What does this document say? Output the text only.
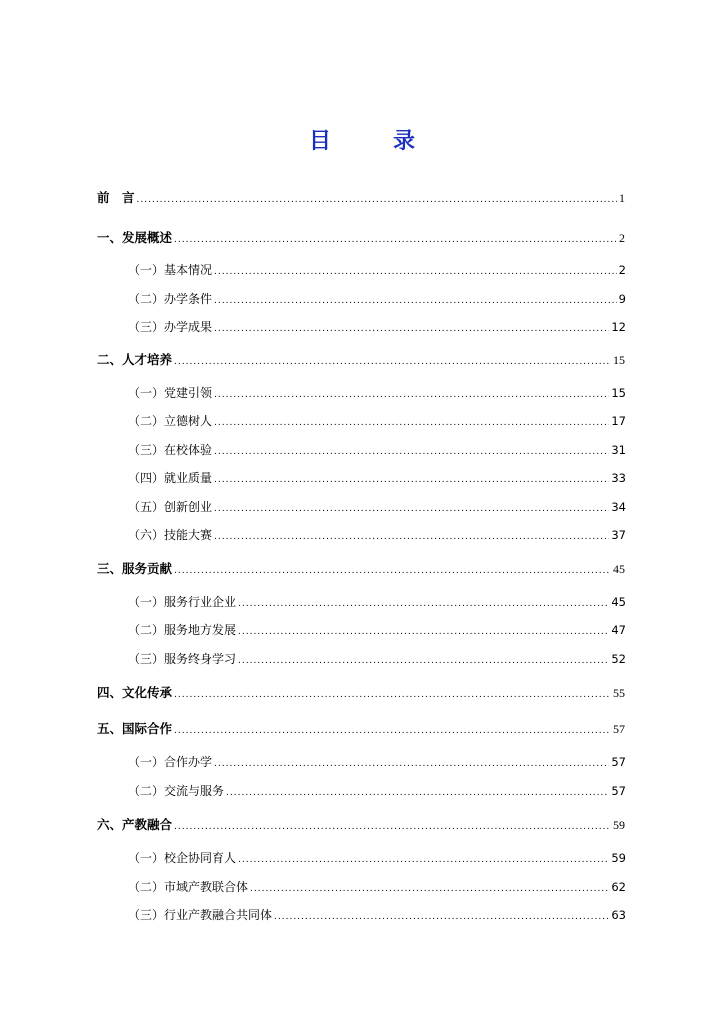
目　录
前　言 .....	1
一、发展概述 .....	2
（一）基本情况 .....	2
（二）办学条件 .....	9
（三）办学成果 .....	12
二、人才培养 .....	15
（一）党建引领 .....	15
（二）立德树人 .....	17
（三）在校体验 .....	31
（四）就业质量 .....	33
（五）创新创业 .....	34
（六）技能大赛 .....	37
三、服务贡献 .....	45
（一）服务行业企业 .....	45
（二）服务地方发展 .....	47
（三）服务终身学习 .....	52
四、文化传承 .....	55
五、国际合作 .....	57
（一）合作办学 .....	57
（二）交流与服务 .....	57
六、产教融合 .....	59
（一）校企协同育人 .....	59
（二）市域产教联合体 .....	62
（三）行业产教融合共同体 .....	63
